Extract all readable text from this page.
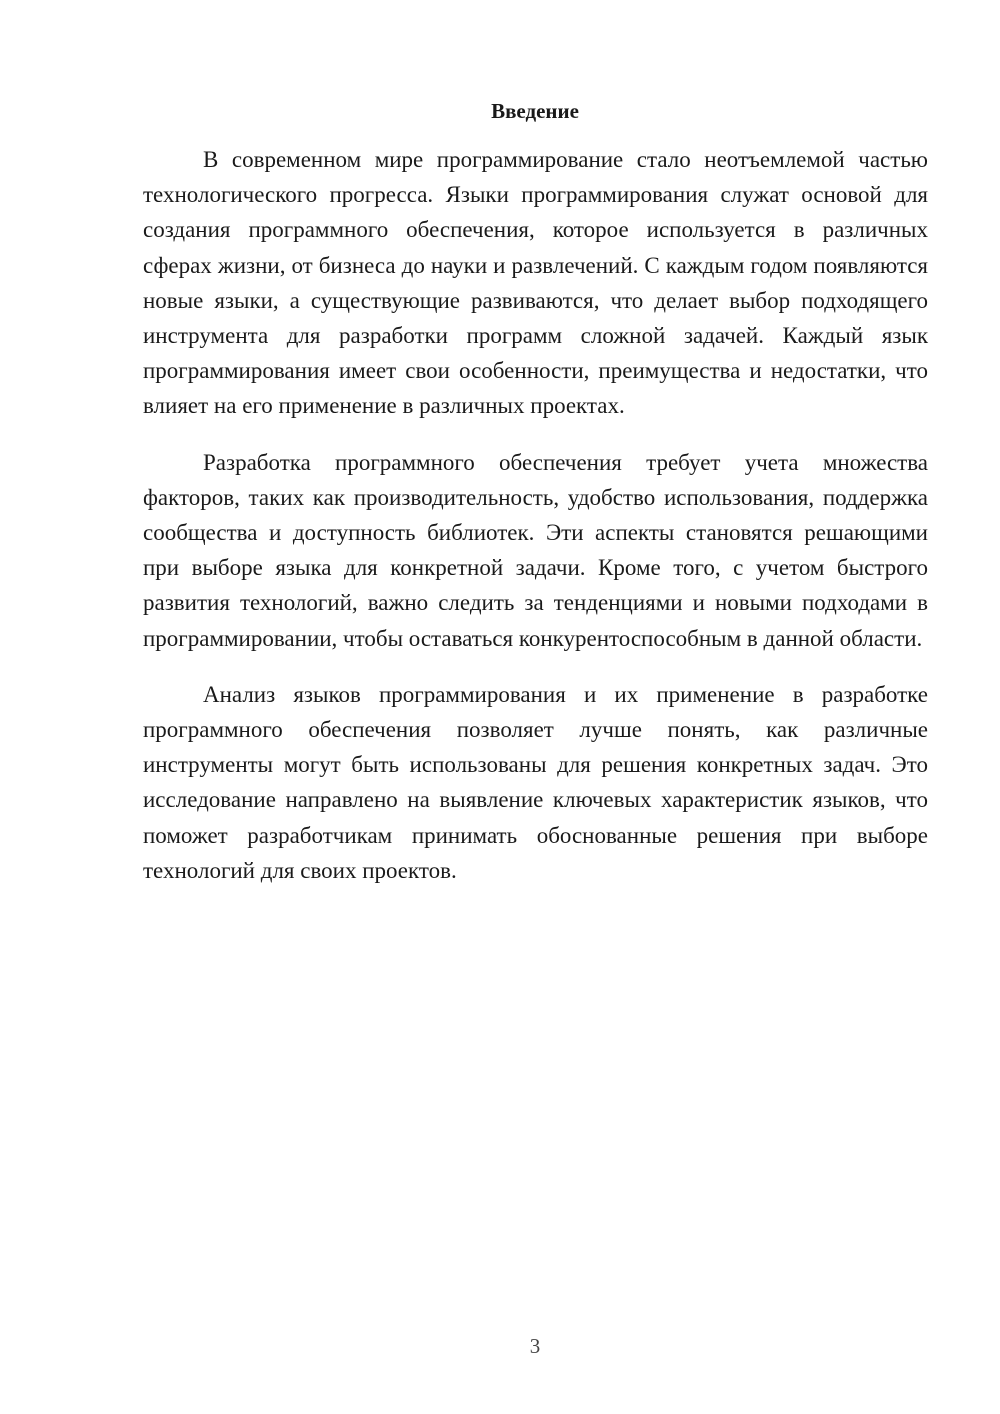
Введение

В современном мире программирование стало неотъемлемой частью технологического прогресса. Языки программирования служат основой для создания программного обеспечения, которое используется в различных сферах жизни, от бизнеса до науки и развлечений. С каждым годом появляются новые языки, а существующие развиваются, что делает выбор подходящего инструмента для разработки программ сложной задачей. Каждый язык программирования имеет свои особенности, преимущества и недостатки, что влияет на его применение в различных проектах.

Разработка программного обеспечения требует учета множества факторов, таких как производительность, удобство использования, поддержка сообщества и доступность библиотек. Эти аспекты становятся решающими при выборе языка для конкретной задачи. Кроме того, с учетом быстрого развития технологий, важно следить за тенденциями и новыми подходами в программировании, чтобы оставаться конкурентоспособным в данной области.

Анализ языков программирования и их применение в разработке программного обеспечения позволяет лучше понять, как различные инструменты могут быть использованы для решения конкретных задач. Это исследование направлено на выявление ключевых характеристик языков, что поможет разработчикам принимать обоснованные решения при выборе технологий для своих проектов.

3
